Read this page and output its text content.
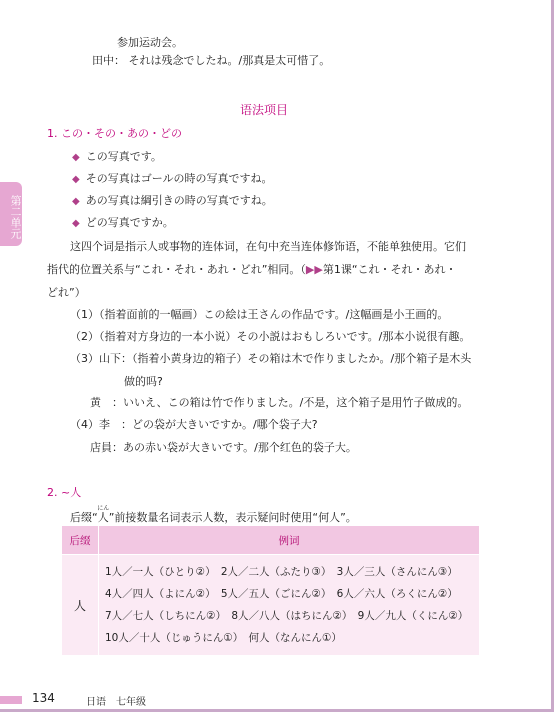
第二单元
参加运动会。
田中： それは残念でしたね。/那真是太可惜了。
语法项目
1. この・その・あの・どの
◆ この写真です。
◆ その写真はゴールの時の写真ですね。
◆ あの写真は綱引きの時の写真ですね。
◆ どの写真ですか。
这四个词是指示人或事物的连体词，在句中充当连体修饰语，不能单独使用。它们
指代的位置关系与“これ・それ・あれ・どれ”相同。（▶▶第1课“これ・それ・あれ・
どれ”）
（1）（指着面前的一幅画）この絵は王さんの作品です。/这幅画是小王画的。
（2）（指着对方身边的一本小说）その小説はおもしろいです。/那本小说很有趣。
（3）山下：（指着小黄身边的箱子）その箱は木で作りましたか。/那个箱子是木头
做的吗?
黄　：いいえ、この箱は竹で作りました。/不是，这个箱子是用竹子做成的。
（4）李　：どの袋が大きいですか。/哪个袋子大?
店員：あの赤い袋が大きいです。/那个红色的袋子大。
2. ~人
后缀“人にん”前接数量名词表示人数，表示疑问时使用“何人”。
后缀	例词
人	1人／一人（ひとり②）　2人／二人（ふたり③）　3人／三人（さんにん③）
4人／四人（よにん②）　5人／五人（ごにん②）　6人／六人（ろくにん②）
7人／七人（しちにん②）　8人／八人（はちにん②）　9人／九人（くにん②）
10人／十人（じゅうにん①）　何人（なんにん①）
134	日语　七年级
